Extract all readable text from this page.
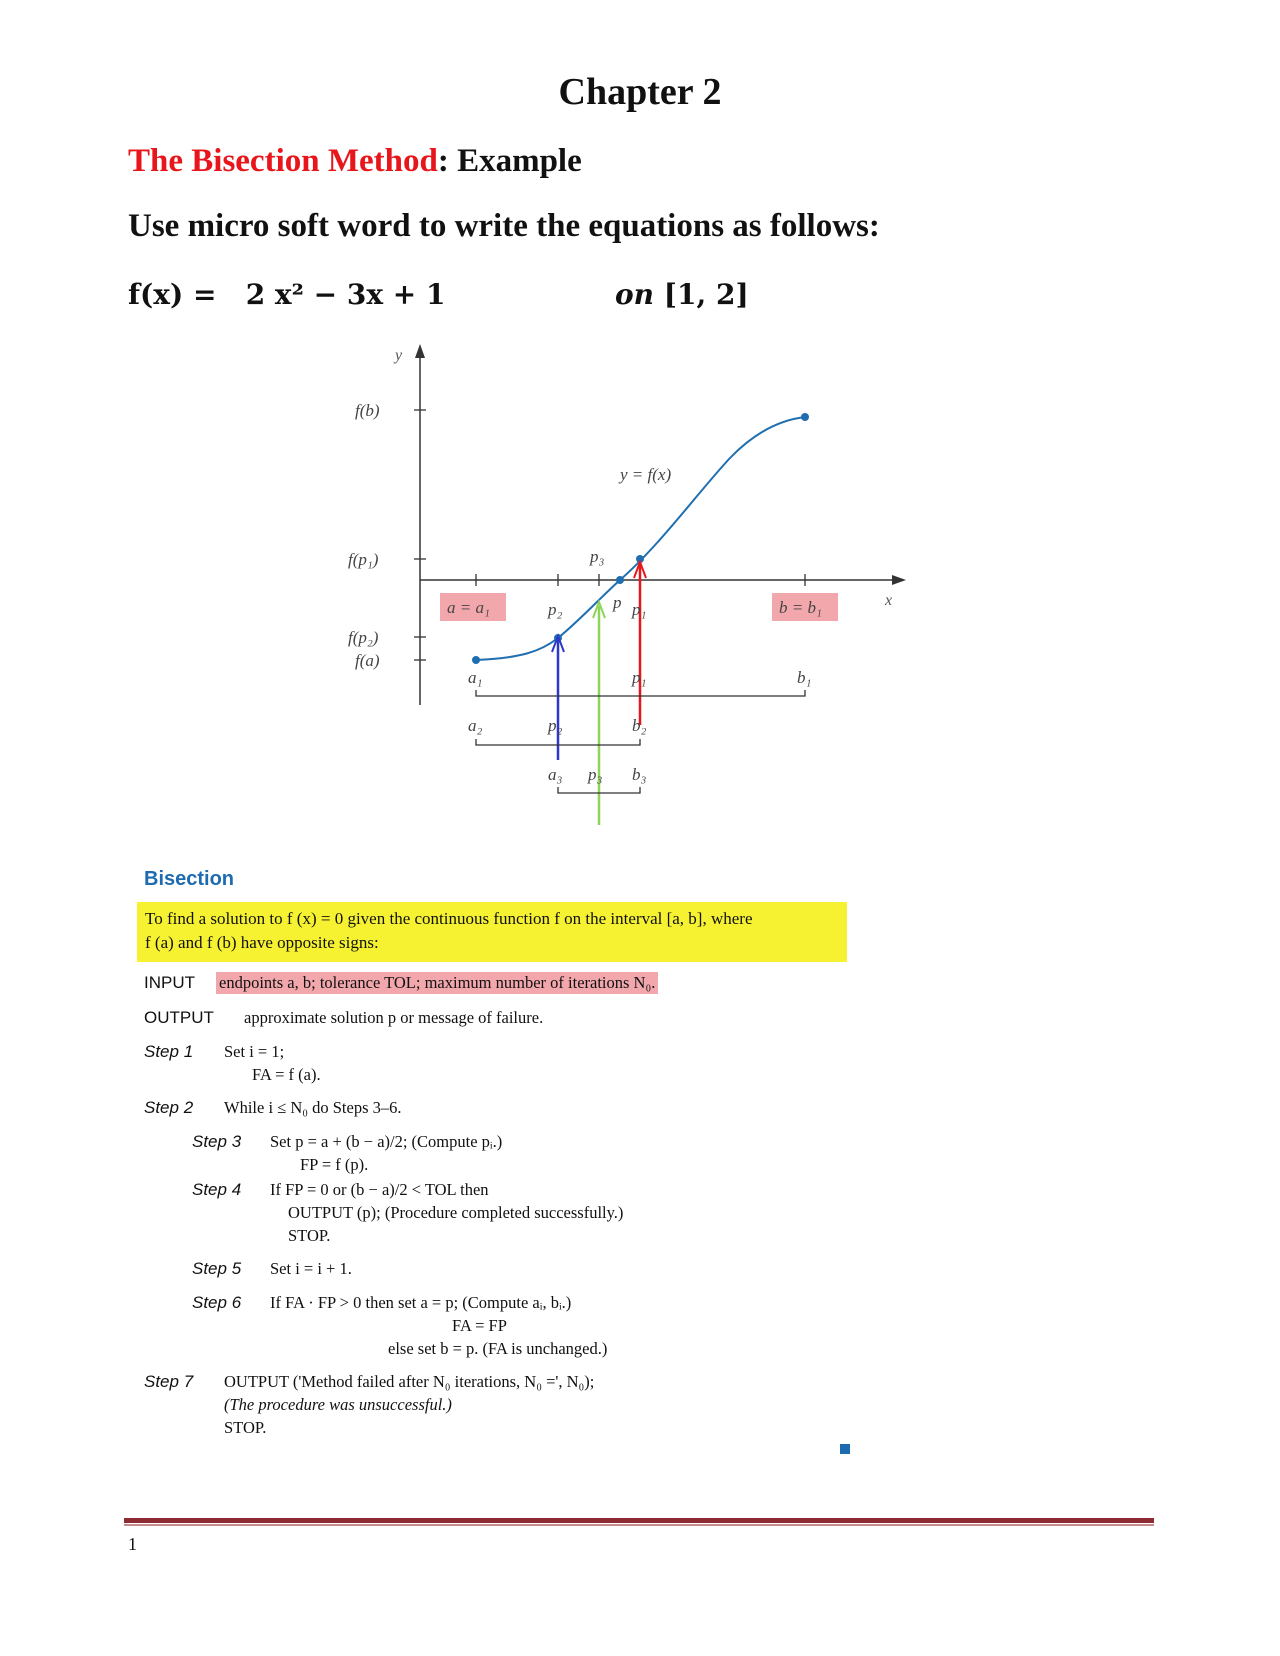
Chapter 2
The Bisection Method: Example
Use micro soft word to write the equations as follows:
f(x) = 2 x² − 3x + 1	on [1, 2]
y
x
f(b)
f(p₁)
f(p₂)
f(a)
y = f(x)
a = a₁	p₂	p p₁	b = b₁
p₃
a₁	p₁	b₁
a₂	p₂	b₂
a₃ p₃ b₃
Bisection
To find a solution to f (x) = 0 given the continuous function f on the interval [a, b], where
f (a) and f (b) have opposite signs:
INPUT endpoints a, b; tolerance TOL; maximum number of iterations N₀.
OUTPUT approximate solution p or message of failure.
Step 1 Set i = 1;
FA = f (a).
Step 2 While i ≤ N₀ do Steps 3–6.
Step 3 Set p = a + (b − a)/2; (Compute pᵢ.)
FP = f (p).
Step 4 If FP = 0 or (b − a)/2 < TOL then
OUTPUT (p); (Procedure completed successfully.)
STOP.
Step 5 Set i = i + 1.
Step 6 If FA · FP > 0 then set a = p; (Compute aᵢ, bᵢ.)
FA = FP
else set b = p. (FA is unchanged.)
Step 7 OUTPUT ('Method failed after N₀ iterations, N₀ =', N₀);
(The procedure was unsuccessful.)
STOP.
1
